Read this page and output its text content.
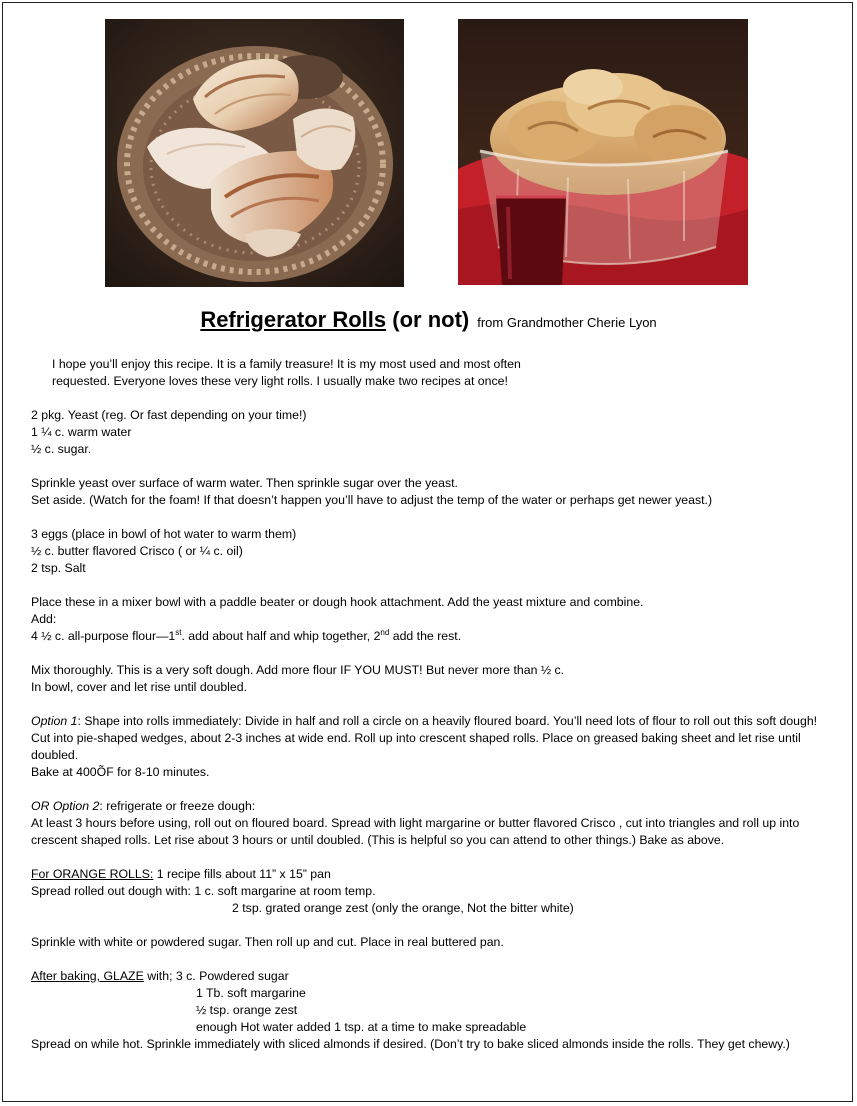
Refrigerator Rolls (or not) from Grandmother Cherie Lyon

I hope you’ll enjoy this recipe. It is a family treasure! It is my most used and most often

requested. Everyone loves these very light rolls. I usually make two recipes at once!

2 pkg. Yeast (reg. Or fast depending on your time!)

1 ¼ c. warm water

½ c. sugar.

Sprinkle yeast over surface of warm water. Then sprinkle sugar over the yeast.

Set aside. (Watch for the foam! If that doesn’t happen you’ll have to adjust the temp of the water or perhaps get newer yeast.)

3 eggs (place in bowl of hot water to warm them)

½ c. butter flavored Crisco ( or ¼ c. oil)

2 tsp. Salt

Place these in a mixer bowl with a paddle beater or dough hook attachment. Add the yeast mixture and combine.

Add:

4 ½ c. all-purpose flour—1st. add about half and whip together, 2nd add the rest.

Mix thoroughly. This is a very soft dough. Add more flour IF YOU MUST! But never more than ½ c.

In bowl, cover and let rise until doubled.

Option 1: Shape into rolls immediately: Divide in half and roll a circle on a heavily floured board. You’ll need lots of flour to roll out this soft dough! Cut into pie-shaped wedges, about 2-3 inches at wide end. Roll up into crescent shaped rolls. Place on greased baking sheet and let rise until doubled.

Bake at 400ÕF for 8-10 minutes.

OR Option 2: refrigerate or freeze dough:

At least 3 hours before using, roll out on floured board. Spread with light margarine or butter flavored Crisco , cut into triangles and roll up into crescent shaped rolls. Let rise about 3 hours or until doubled. (This is helpful so you can attend to other things.) Bake as above.

For ORANGE ROLLS: 1 recipe fills about 11” x 15” pan

Spread rolled out dough with: 1 c. soft margarine at room temp.

2 tsp. grated orange zest (only the orange, Not the bitter white)

Sprinkle with white or powdered sugar. Then roll up and cut. Place in real buttered pan.

After baking, GLAZE with; 3 c. Powdered sugar

1 Tb. soft margarine

½ tsp. orange zest

enough Hot water added 1 tsp. at a time to make spreadable

Spread on while hot. Sprinkle immediately with sliced almonds if desired. (Don’t try to bake sliced almonds inside the rolls. They get chewy.)
